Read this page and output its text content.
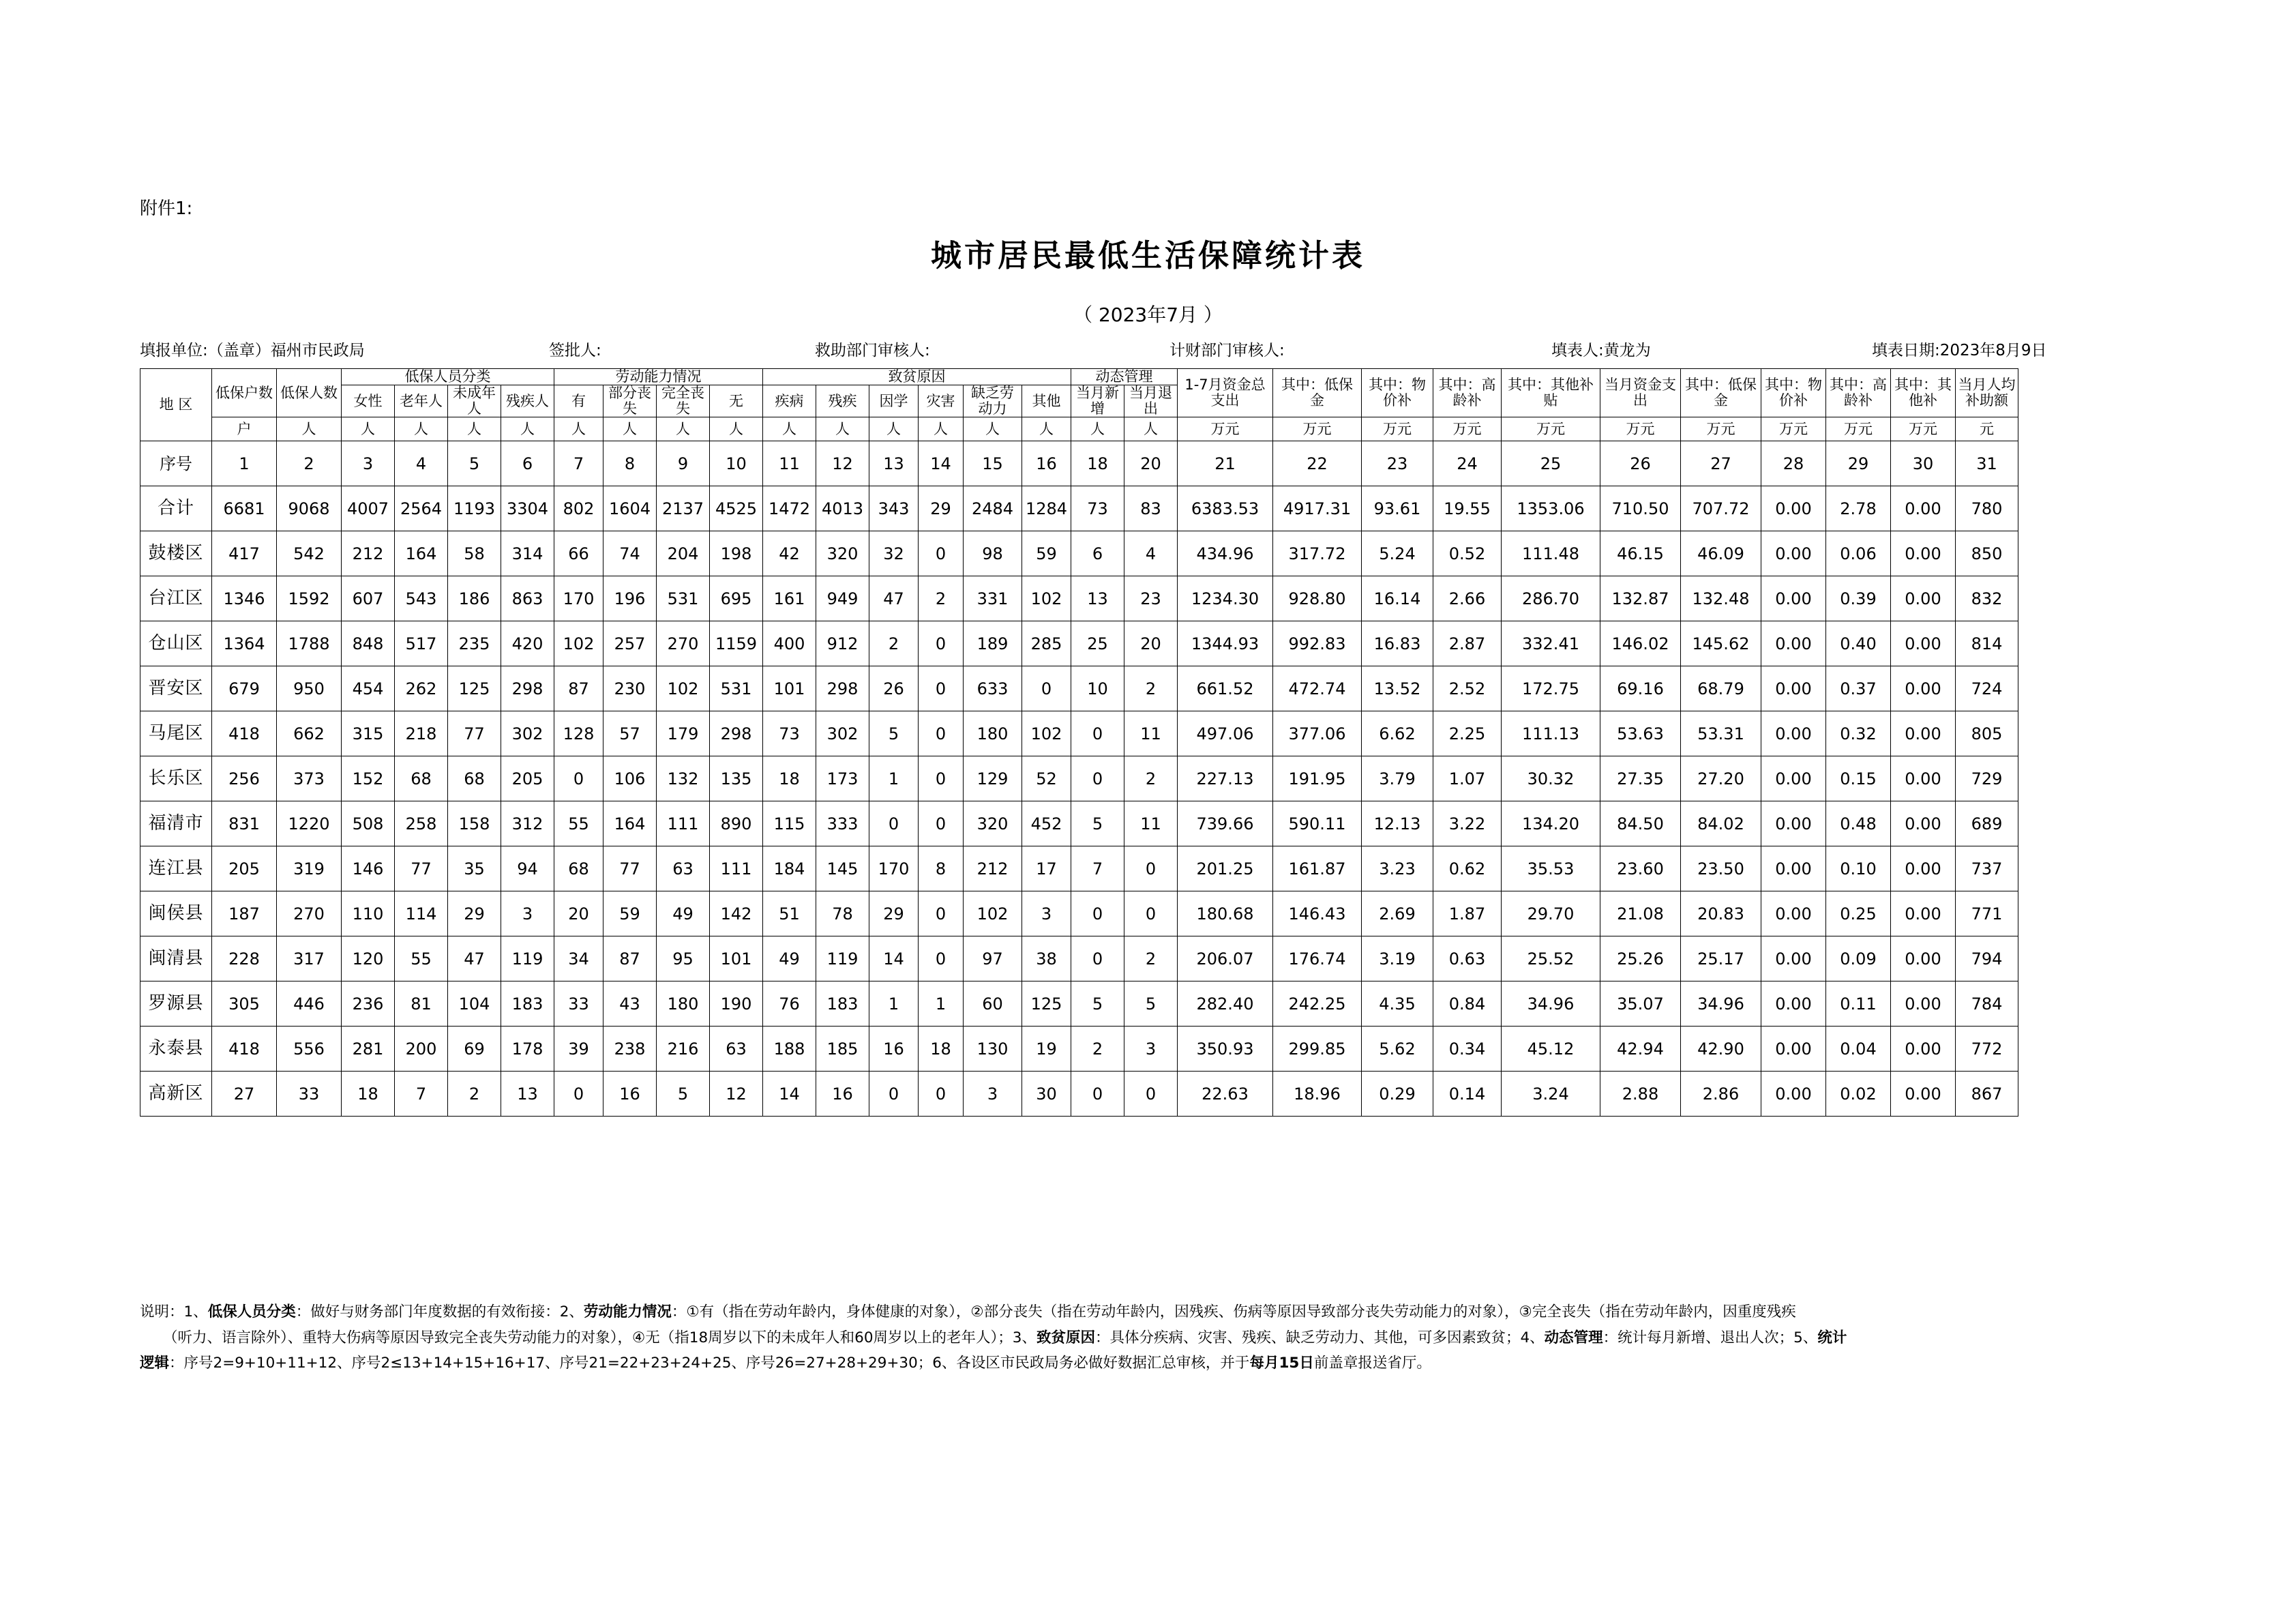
附件1:
城市居民最低生活保障统计表
（ 2023年7月 ）
填报单位:（盖章）福州市民政局	签批人:	救助部门审核人:	计财部门审核人:	填表人:黄龙为	填表日期:2023年8月9日
地 区	低保户数	低保人数	低保人员分类				劳动能力情况				致贫原因						动态管理		1-7月资金总支出	其中：低保金	其中：物价补	其中：高龄补	其中：其他补贴	当月资金支出	其中：低保金	其中：物价补	其中：高龄补	其中：其他补	当月人均补助额
			女性	老年人	未成年人	残疾人	有	部分丧失	完全丧失	无	疾病	残疾	因学	灾害	缺乏劳动力	其他	当月新增	当月退出											
	户	人	人	人	人	人	人	人	人	人	人	人	人	人	人	人	人	人	万元	万元	万元	万元	万元	万元	万元	万元	万元	万元	元
序号	1	2	3	4	5	6	7	8	9	10	11	12	13	14	15	16	18	20	21	22	23	24	25	26	27	28	29	30	31
合计	6681	9068	4007	2564	1193	3304	802	1604	2137	4525	1472	4013	343	29	2484	1284	73	83	6383.53	4917.31	93.61	19.55	1353.06	710.50	707.72	0.00	2.78	0.00	780
鼓楼区	417	542	212	164	58	314	66	74	204	198	42	320	32	0	98	59	6	4	434.96	317.72	5.24	0.52	111.48	46.15	46.09	0.00	0.06	0.00	850
台江区	1346	1592	607	543	186	863	170	196	531	695	161	949	47	2	331	102	13	23	1234.30	928.80	16.14	2.66	286.70	132.87	132.48	0.00	0.39	0.00	832
仓山区	1364	1788	848	517	235	420	102	257	270	1159	400	912	2	0	189	285	25	20	1344.93	992.83	16.83	2.87	332.41	146.02	145.62	0.00	0.40	0.00	814
晋安区	679	950	454	262	125	298	87	230	102	531	101	298	26	0	633	0	10	2	661.52	472.74	13.52	2.52	172.75	69.16	68.79	0.00	0.37	0.00	724
马尾区	418	662	315	218	77	302	128	57	179	298	73	302	5	0	180	102	0	11	497.06	377.06	6.62	2.25	111.13	53.63	53.31	0.00	0.32	0.00	805
长乐区	256	373	152	68	68	205	0	106	132	135	18	173	1	0	129	52	0	2	227.13	191.95	3.79	1.07	30.32	27.35	27.20	0.00	0.15	0.00	729
福清市	831	1220	508	258	158	312	55	164	111	890	115	333	0	0	320	452	5	11	739.66	590.11	12.13	3.22	134.20	84.50	84.02	0.00	0.48	0.00	689
连江县	205	319	146	77	35	94	68	77	63	111	184	145	170	8	212	17	7	0	201.25	161.87	3.23	0.62	35.53	23.60	23.50	0.00	0.10	0.00	737
闽侯县	187	270	110	114	29	3	20	59	49	142	51	78	29	0	102	3	0	0	180.68	146.43	2.69	1.87	29.70	21.08	20.83	0.00	0.25	0.00	771
闽清县	228	317	120	55	47	119	34	87	95	101	49	119	14	0	97	38	0	2	206.07	176.74	3.19	0.63	25.52	25.26	25.17	0.00	0.09	0.00	794
罗源县	305	446	236	81	104	183	33	43	180	190	76	183	1	1	60	125	5	5	282.40	242.25	4.35	0.84	34.96	35.07	34.96	0.00	0.11	0.00	784
永泰县	418	556	281	200	69	178	39	238	216	63	188	185	16	18	130	19	2	3	350.93	299.85	5.62	0.34	45.12	42.94	42.90	0.00	0.04	0.00	772
高新区	27	33	18	7	2	13	0	16	5	12	14	16	0	0	3	30	0	0	22.63	18.96	0.29	0.14	3.24	2.88	2.86	0.00	0.02	0.00	867
说明：1、低保人员分类：做好与财务部门年度数据的有效衔接：2、劳动能力情况：①有（指在劳动年龄内，身体健康的对象），②部分丧失（指在劳动年龄内，因残疾、伤病等原因导致部分丧失劳动能力的对象），③完全丧失（指在劳动年龄内，因重度残疾
（听力、语言除外）、重特大伤病等原因导致完全丧失劳动能力的对象），④无（指18周岁以下的未成年人和60周岁以上的老年人）；3、致贫原因：具体分疾病、灾害、残疾、缺乏劳动力、其他，可多因素致贫；4、动态管理：统计每月新增、退出人次；5、统计
逻辑：序号2=9+10+11+12、序号2≤13+14+15+16+17、序号21=22+23+24+25、序号26=27+28+29+30；6、各设区市民政局务必做好数据汇总审核，并于每月15日前盖章报送省厅。
